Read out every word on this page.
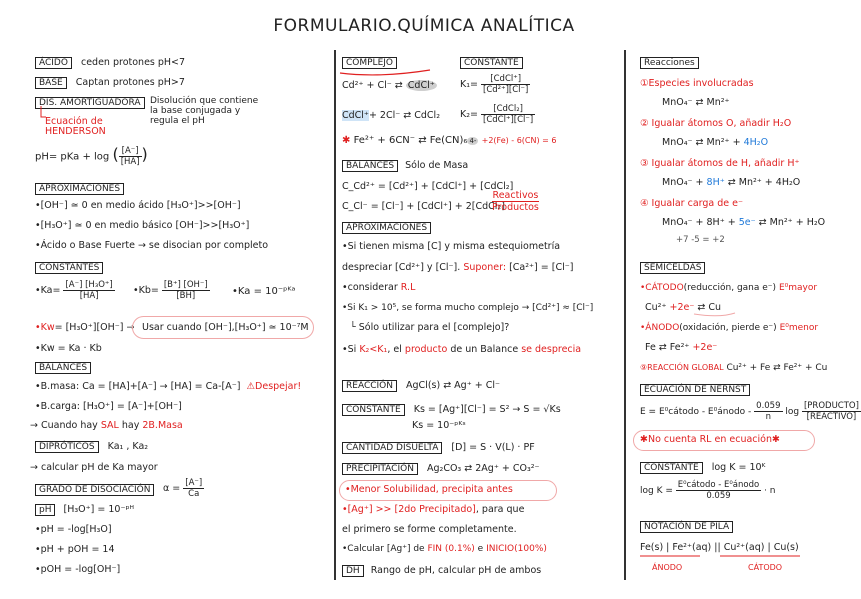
FORMULARIO.QUÍMICA ANALÍTICA
ÁCIDO ceden protones pH<7
BASE Captan protones pH>7
DIS. AMORTIGUADORA	Disolución que contiene
la base conjugada y
regula el pH
Ecuación de
HENDERSON
pH= pKa + log ( $\frac{[A^-]}{[HA]}$ )
APROXIMACIONES
•[OH⁻] ≃ 0 en medio ácido [H₃O⁺]>>[OH⁻]
•[H₃O⁺] ≃ 0 en medio básico [OH⁻]>>[H₃O⁺]
•Ácido o Base Fuerte → se disocian por completo
CONSTANTES
•Ka= $\frac{\text{[A⁻] [H₃O⁺]}}{[HA]}$ •Kb= $\frac{[B^+] [OH^-]}{[BH]}$ •Ka = 10⁻ᵖᴷᵃ
•Kw= [H₃O⁺][OH⁻] → Usar cuando [OH⁻],[H₃O⁺] ≃ 10⁻⁷M
•Kw = Ka · Kb
BALANCES
•B.masa: Ca = [HA]+[A⁻] → [HA] = Ca-[A⁻] ⚠Despejar!
•B.carga: [H₃O⁺] = [A⁻]+[OH⁻]
→ Cuando hay SAL hay 2B.Masa
DIPRÓTICOS Ka₁ , Ka₂
→ calcular pH de Ka mayor
GRADO DE DISOCIACIÓN	$\alpha = \frac{[A^-]}{Ca}$
pH [H₃O⁺] = 10⁻ᵖᴴ
•pH = -log[H₃O]
•pH + pOH = 14
•pOH = -log[OH⁻]
COMPLEJO	CONSTANTE
Cd²⁺ + Cl⁻ ⇄ CdCl⁺	$K_1= \frac{\text{[CdCl⁺]}}{\text{[Cd²⁺][Cl⁻]}}$
CdCl⁺+ 2Cl⁻ ⇄ CdCl₂ $K_2= \frac{\text{[CdCl₂]}}{\text{[CdCl⁺][Cl⁻]}}$
✱ Fe²⁺ + 6CN⁻ ⇄ Fe(CN)₆ $^{4-}$ +2(Fe) - 6(CN) = 6
BALANCES Sólo de Masa
C_Cd²⁺ = [Cd²⁺] + [CdCl⁺] + [CdCl₂]
C_Cl⁻ = [Cl⁻] + [CdCl⁺] + 2[CdCl₂]
Reactivos
Productos
APROXIMACIONES
•Si tienen misma [C] y misma estequiometría
despreciar [Cd²⁺] y [Cl⁻]. Suponer: [Ca²⁺] = [Cl⁻]
•considerar R.L
•Si K₁ > 10⁵, se forma mucho complejo → [Cd²⁺] ≈ [Cl⁻]
└ Sólo utilizar para el [complejo]?
•Si K₂<K₁, el producto de un Balance se desprecia
REACCIÓN AgCl(s) ⇄ Ag⁺ + Cl⁻
CONSTANTE Ks = [Ag⁺][Cl⁻] = S² → S = √Ks
Ks = 10⁻ᵖᴷˢ
CANTIDAD DISUELTA [D] = S · V(L) · PF
PRECIPITACIÓN Ag₂CO₃ ⇄ 2Ag⁺ + CO₃²⁻
•Menor Solubilidad, precipita antes
•[Ag⁺] >> [2do Precipitado], para que
el primero se forme completamente.
•Calcular [Ag⁺] de FIN (0.1%) e INICIO(100%)
DH Rango de pH, calcular pH de ambos
Reacciones
①Especies involucradas
MnO₄⁻ ⇄ Mn²⁺
② Igualar átomos O, añadir H₂O
MnO₄⁻ ⇄ Mn²⁺ + 4H₂O
③ Igualar átomos de H, añadir H⁺
MnO₄⁻ + 8H⁺ ⇄ Mn²⁺ + 4H₂O
④ Igualar carga de e⁻
MnO₄⁻ + 8H⁺ + 5e⁻ ⇄ Mn²⁺ + H₂O
+7 -5 = +2
SEMICELDAS
•CÁTODO(reducción, gana e⁻) E⁰mayor
Cu²⁺ +2e⁻ ⇄ Cu
•ÁNODO(oxidación, pierde e⁻) E⁰menor
Fe ⇄ Fe²⁺ +2e⁻
⑨REACCIÓN GLOBAL Cu²⁺ + Fe ⇄ Fe²⁺ + Cu
ECUACIÓN DE NERNST
E = E⁰cátodo - E⁰ánodo - $\frac{0.059}{n}$ $\log \frac{\text{[PRODUCTO]}}{\text{[REACTIVO]}}$
✱No cuenta RL en ecuación✱
CONSTANTE log K = 10ᴷ
$\log K = \frac{\text{E⁰cátodo - E⁰ánodo}}{0.059} \cdot n$
NOTACIÓN DE PILA
Fe(s) | Fe²⁺(aq) || Cu²⁺(aq) | Cu(s)
ÁNODO	CÁTODO
